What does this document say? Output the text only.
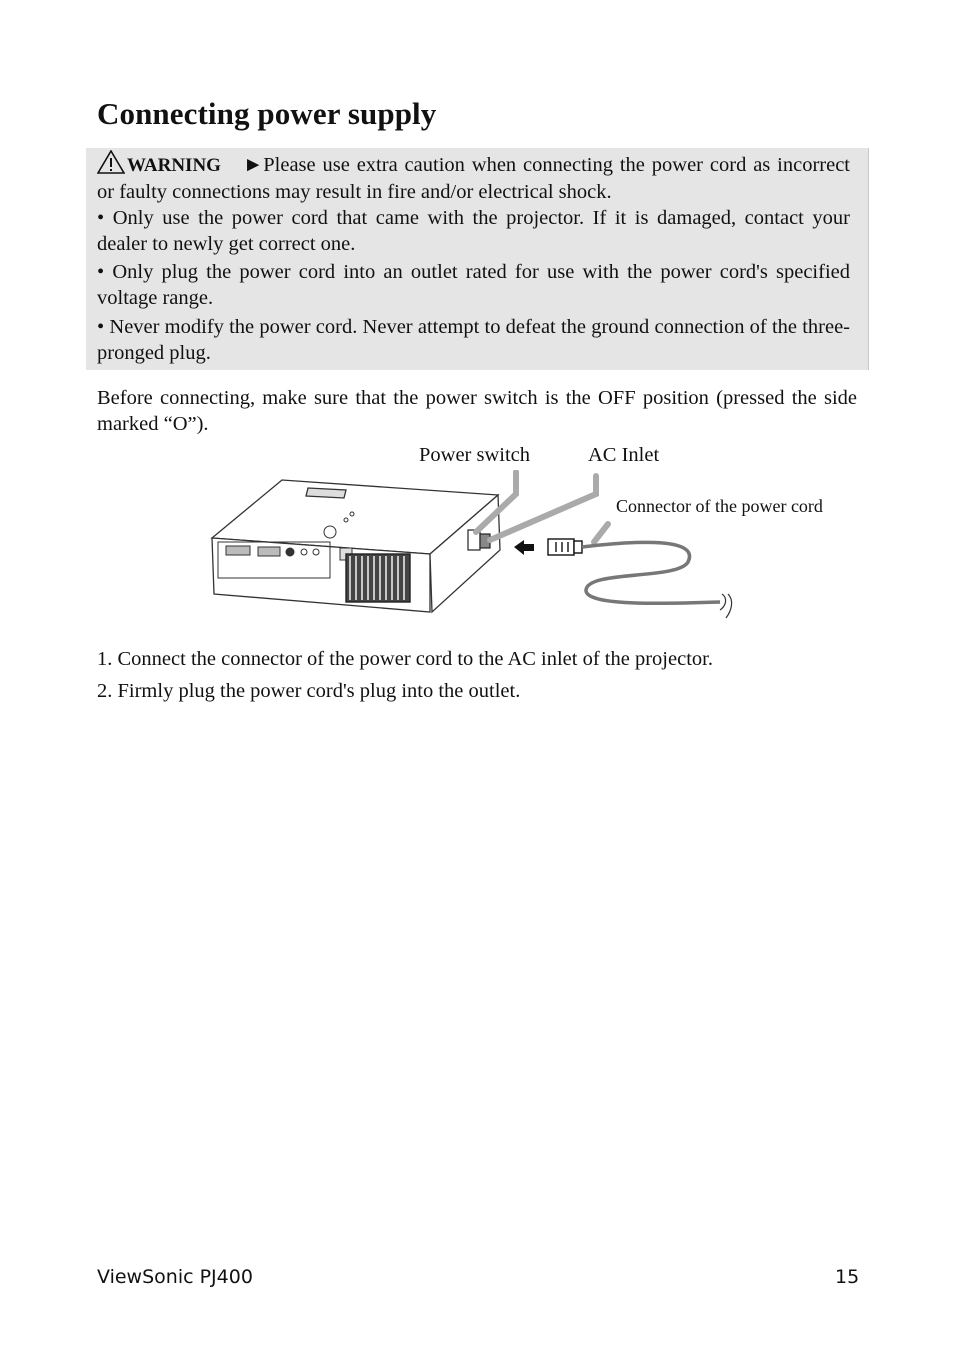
Connecting power supply
WARNING ►Please use extra caution when connecting the power cord as incorrect or faulty connections may result in fire and/or electrical shock.
• Only use the power cord that came with the projector. If it is damaged, contact your dealer to newly get correct one.
• Only plug the power cord into an outlet rated for use with the power cord's specified voltage range.
• Never modify the power cord. Never attempt to defeat the ground connection of the three-pronged plug.
Before connecting, make sure that the power switch is the OFF position (pressed the side marked “O”).
Power switch	AC Inlet
Connector of the power cord
1. Connect the connector of the power cord to the AC inlet of the projector.
2. Firmly plug the power cord's plug into the outlet.
ViewSonic PJ400	15
